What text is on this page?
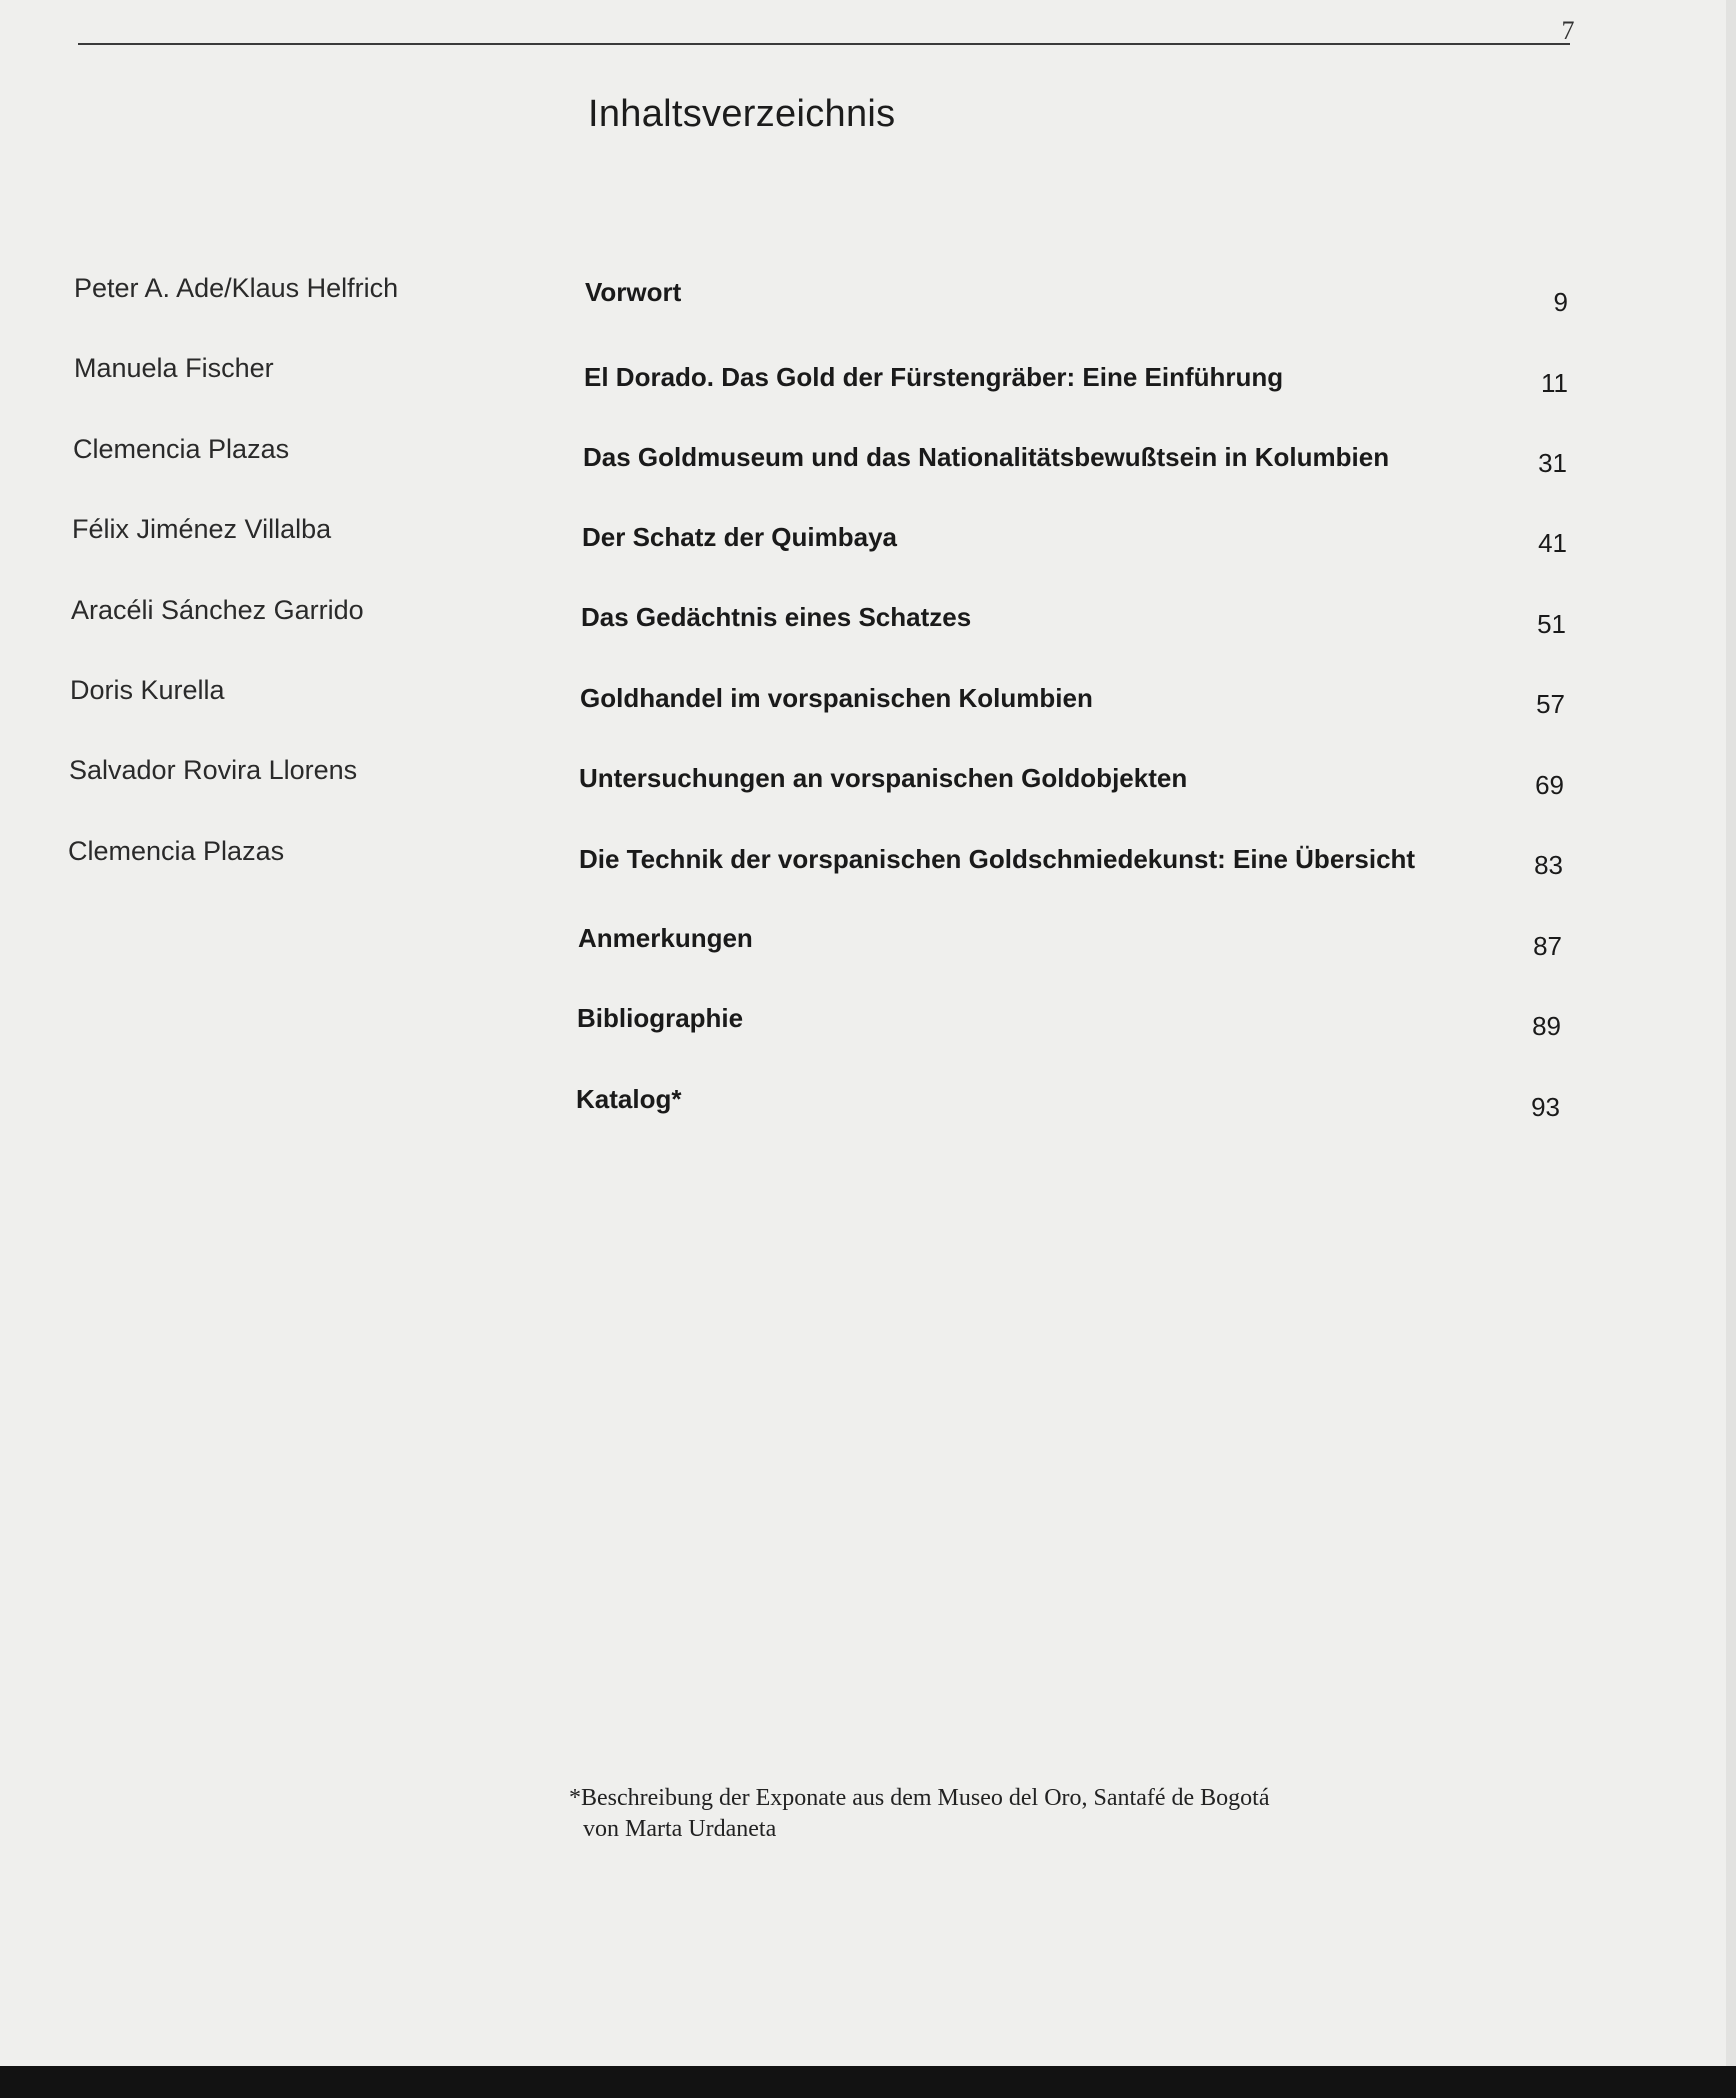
7
Inhaltsverzeichnis
Peter A. Ade/Klaus Helfrich	Vorwort	9
Manuela Fischer	El Dorado. Das Gold der Fürstengräber: Eine Einführung	11
Clemencia Plazas	Das Goldmuseum und das Nationalitätsbewußtsein in Kolumbien	31
Félix Jiménez Villalba	Der Schatz der Quimbaya	41
Aracéli Sánchez Garrido	Das Gedächtnis eines Schatzes	51
Doris Kurella	Goldhandel im vorspanischen Kolumbien	57
Salvador Rovira Llorens	Untersuchungen an vorspanischen Goldobjekten	69
Clemencia Plazas	Die Technik der vorspanischen Goldschmiedekunst: Eine Übersicht	83
Anmerkungen	87
Bibliographie	89
Katalog*	93
*Beschreibung der Exponate aus dem Museo del Oro, Santafé de Bogotá
von Marta Urdaneta
